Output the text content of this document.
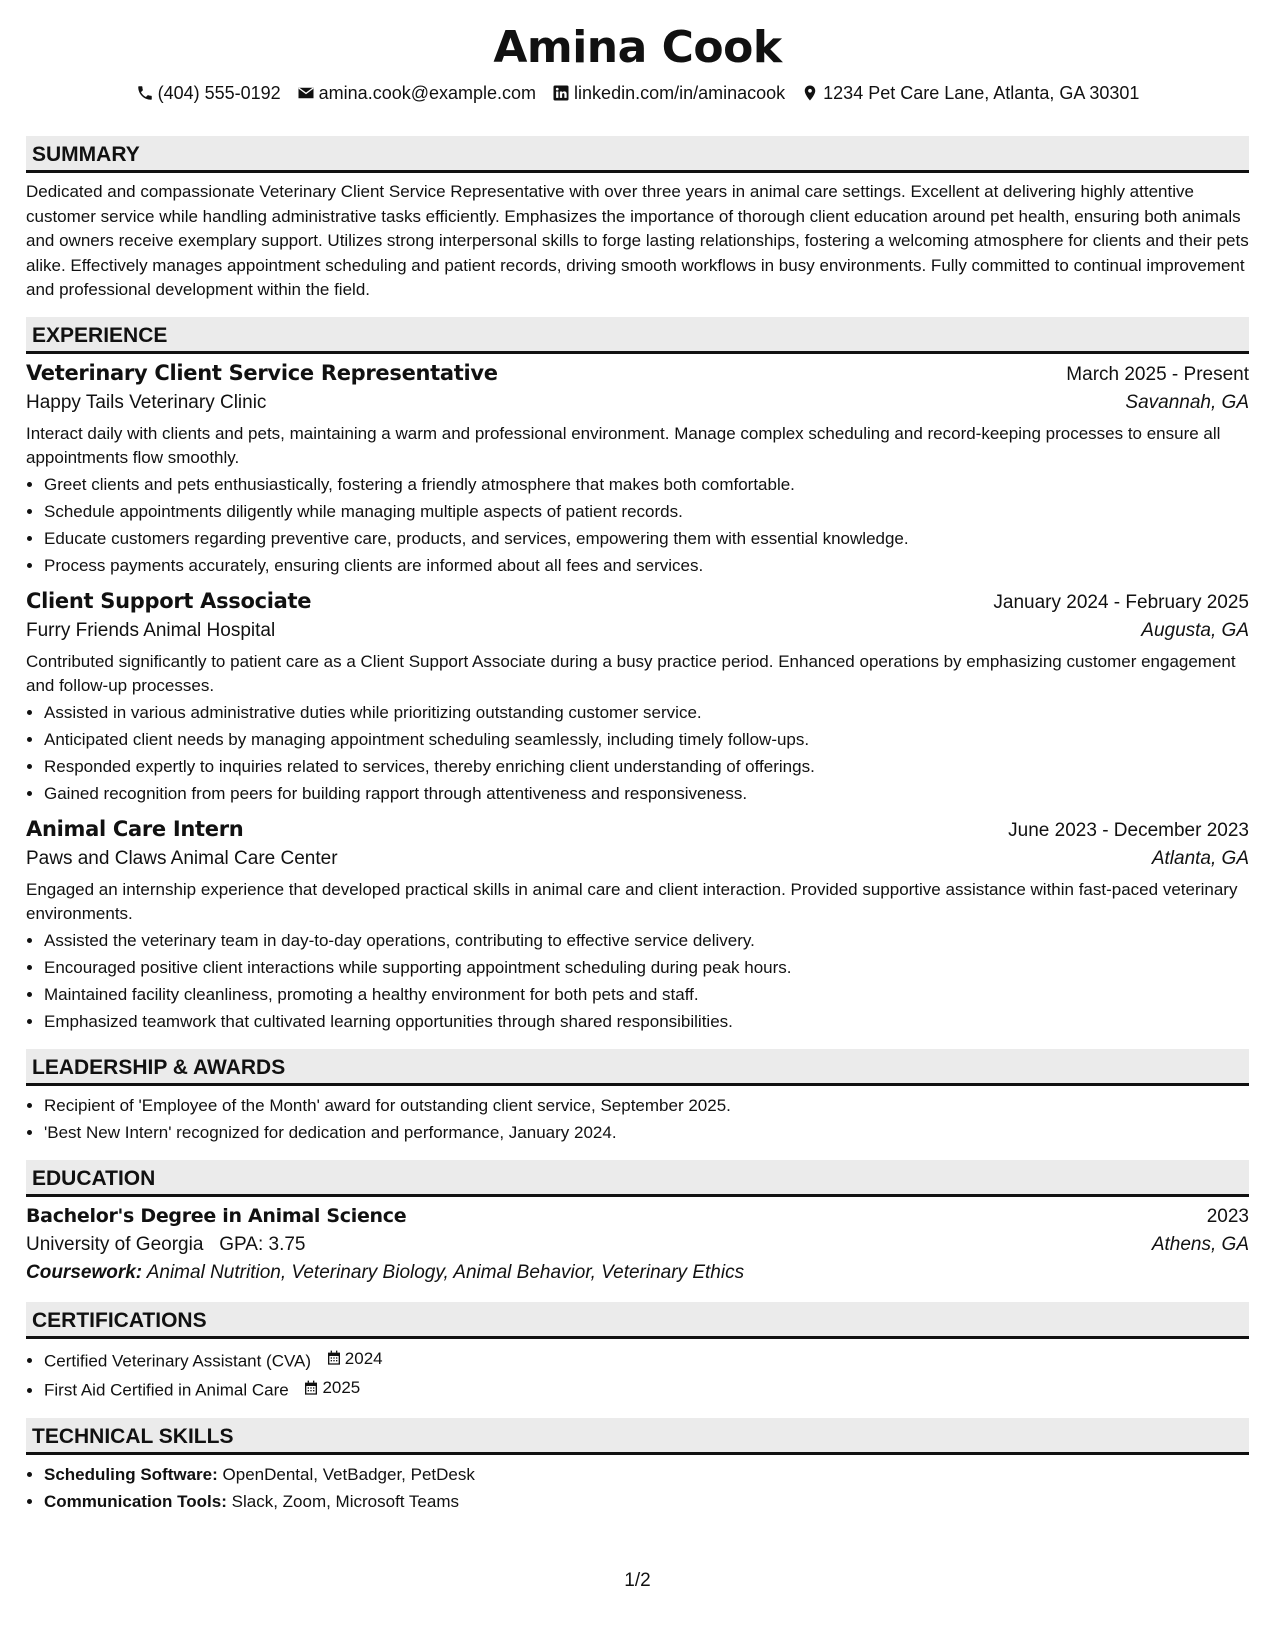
Amina Cook
(404) 555-0192 amina.cook@example.com linkedin.com/in/aminacook 1234 Pet Care Lane, Atlanta, GA 30301
SUMMARY

Dedicated and compassionate Veterinary Client Service Representative with over three years in animal care settings. Excellent at delivering highly attentive customer service while handling administrative tasks efficiently. Emphasizes the importance of thorough client education around pet health, ensuring both animals and owners receive exemplary support. Utilizes strong interpersonal skills to forge lasting relationships, fostering a welcoming atmosphere for clients and their pets alike. Effectively manages appointment scheduling and patient records, driving smooth workflows in busy environments. Fully committed to continual improvement and professional development within the field.

EXPERIENCE
Veterinary Client Service Representative	March 2025 - Present
Happy Tails Veterinary Clinic	Savannah, GA

Interact daily with clients and pets, maintaining a warm and professional environment. Manage complex scheduling and record-keeping processes to ensure all appointments flow smoothly.

• Greet clients and pets enthusiastically, fostering a friendly atmosphere that makes both comfortable.
• Schedule appointments diligently while managing multiple aspects of patient records.
• Educate customers regarding preventive care, products, and services, empowering them with essential knowledge.
• Process payments accurately, ensuring clients are informed about all fees and services.
Client Support Associate	January 2024 - February 2025
Furry Friends Animal Hospital	Augusta, GA

Contributed significantly to patient care as a Client Support Associate during a busy practice period. Enhanced operations by emphasizing customer engagement and follow-up processes.

• Assisted in various administrative duties while prioritizing outstanding customer service.
• Anticipated client needs by managing appointment scheduling seamlessly, including timely follow-ups.
• Responded expertly to inquiries related to services, thereby enriching client understanding of offerings.
• Gained recognition from peers for building rapport through attentiveness and responsiveness.
Animal Care Intern	June 2023 - December 2023
Paws and Claws Animal Care Center	Atlanta, GA

Engaged an internship experience that developed practical skills in animal care and client interaction. Provided supportive assistance within fast-paced veterinary environments.

• Assisted the veterinary team in day-to-day operations, contributing to effective service delivery.
• Encouraged positive client interactions while supporting appointment scheduling during peak hours.
• Maintained facility cleanliness, promoting a healthy environment for both pets and staff.
• Emphasized teamwork that cultivated learning opportunities through shared responsibilities.
LEADERSHIP & AWARDS
• Recipient of 'Employee of the Month' award for outstanding client service, September 2025.
• 'Best New Intern' recognized for dedication and performance, January 2024.
EDUCATION
Bachelor's Degree in Animal Science	2023
University of Georgia GPA: 3.75	Athens, GA
Coursework: Animal Nutrition, Veterinary Biology, Animal Behavior, Veterinary Ethics
CERTIFICATIONS
• Certified Veterinary Assistant (CVA) 2024
• First Aid Certified in Animal Care 2025
TECHNICAL SKILLS
• Scheduling Software: OpenDental, VetBadger, PetDesk
• Communication Tools: Slack, Zoom, Microsoft Teams
1/2
